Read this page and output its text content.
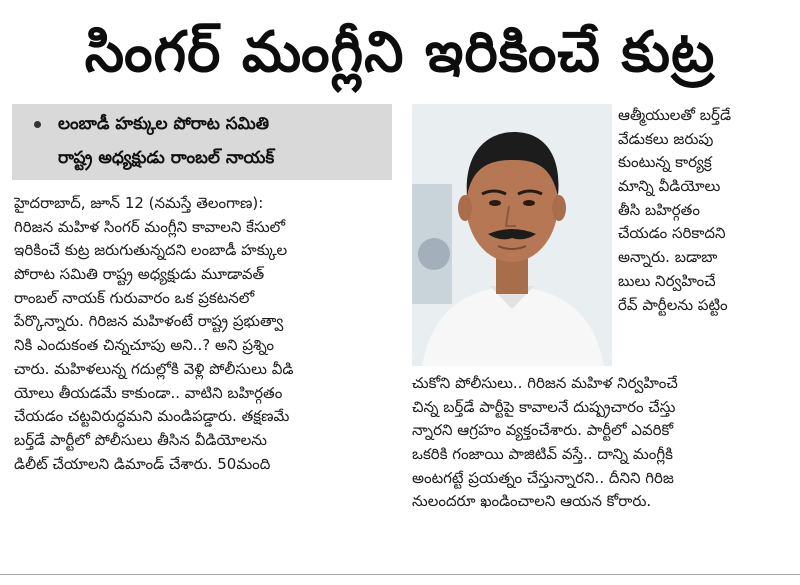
సింగర్ మంగ్లీని ఇరికించే కుట్ర
లంబాడీ హక్కుల పోరాట సమితి
రాష్ట్ర అధ్యక్షుడు రాంబల్ నాయక్
హైదరాబాద్, జూన్ 12 (నమస్తే తెలంగాణ):
గిరిజన మహిళ సింగర్ మంగ్లీని కావాలని కేసులో
ఇరికించే కుట్ర జరుగుతున్నదని లంబాడీ హక్కుల
పోరాట సమితి రాష్ట్ర అధ్యక్షుడు మూడావత్
రాంబల్ నాయక్ గురువారం ఒక ప్రకటనలో
పేర్కొన్నారు. గిరిజన మహిళంటే రాష్ట్ర ప్రభుత్వా
నికి ఎందుకంత చిన్నచూపు అని..? అని ప్రశ్నిం
చారు. మహిళలున్న గదుల్లోకి వెళ్లి పోలీసులు వీడి
యోలు తీయడమే కాకుండా.. వాటిని బహిర్గతం
చేయడం చట్టవిరుద్ధమని మండిపడ్డారు. తక్షణమే
బర్త్‌డే పార్టీలో పోలీసులు తీసిన వీడియోలను
డిలీట్ చేయాలని డిమాండ్ చేశారు. 50మంది
ఆత్మీయులతో బర్త్‌డే
వేడుకలు జరుపు
కుంటున్న కార్యక్ర
మాన్ని వీడియోలు
తీసి బహిర్గతం
చేయడం సరికాదని
అన్నారు. బడాబా
బులు నిర్వహించే
రేవ్ పార్టీలను పట్టిం
చుకోని పోలీసులు.. గిరిజన మహిళ నిర్వహించే
చిన్న బర్త్‌డే పార్టీపై కావాలనే దుష్ప్రచారం చేస్తు
న్నారని ఆగ్రహం వ్యక్తంచేశారు. పార్టీలో ఎవరికో
ఒకరికి గంజాయి పాజిటివ్ వస్తే.. దాన్ని మంగ్లీకి
అంటగట్టే ప్రయత్నం చేస్తున్నారని.. దీనిని గిరిజ
నులందరూ ఖండించాలని ఆయన కోరారు.
